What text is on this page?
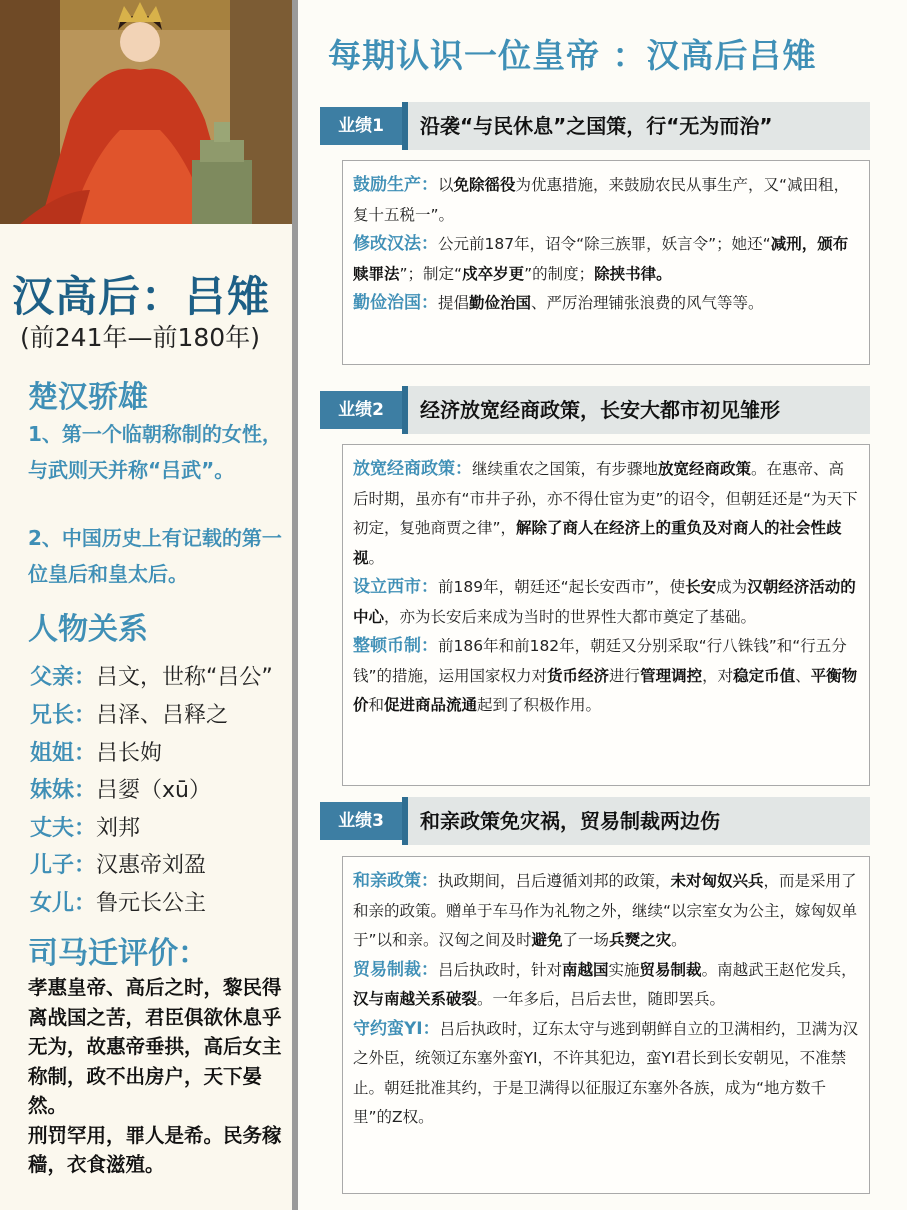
汉高后：吕雉
(前241年—前180年)
楚汉骄雄
1、第一个临朝称制的女性，与武则天并称“吕武”。
2、中国历史上有记载的第一位皇后和皇太后。
人物关系
父亲：吕文，世称“吕公”
兄长：吕泽、吕释之
姐姐：吕长姁
妹妹：吕媭（xū）
丈夫：刘邦
儿子：汉惠帝刘盈
女儿：鲁元长公主
司马迁评价：
孝惠皇帝、高后之时，黎民得离战国之苦，君臣俱欲休息乎无为，故惠帝垂拱，高后女主称制，政不出房户，天下晏然。
刑罚罕用，罪人是希。民务稼穑，衣食滋殖。
每期认识一位皇帝 ：汉高后吕雉
业绩1	沿袭“与民休息”之国策，行“无为而治”

鼓励生产：以免除徭役为优惠措施，来鼓励农民从事生产，又“减田租，复十五税一”。

修改汉法：公元前187年，诏令“除三族罪，妖言令”；她还“减刑，颁布赎罪法”；制定“戍卒岁更”的制度；除挟书律。

勤俭治国：提倡勤俭治国、严厉治理铺张浪费的风气等等。

业绩2	经济放宽经商政策，长安大都市初见雏形

放宽经商政策：继续重农之国策，有步骤地放宽经商政策。在惠帝、高后时期，虽亦有“市井子孙，亦不得仕宦为吏”的诏令，但朝廷还是“为天下初定，复弛商贾之律”，解除了商人在经济上的重负及对商人的社会性歧视。

设立西市：前189年，朝廷还“起长安西市”，使长安成为汉朝经济活动的中心，亦为长安后来成为当时的世界性大都市奠定了基础。

整顿币制：前186年和前182年，朝廷又分别采取“行八铢钱”和“行五分钱”的措施，运用国家权力对货币经济进行管理调控，对稳定币值、平衡物价和促进商品流通起到了积极作用。

业绩3	和亲政策免灾祸，贸易制裁两边伤

和亲政策：执政期间，吕后遵循刘邦的政策，未对匈奴兴兵，而是采用了和亲的政策。赠单于车马作为礼物之外，继续“以宗室女为公主，嫁匈奴单于”以和亲。汉匈之间及时避免了一场兵燹之灾。

贸易制裁：吕后执政时，针对南越国实施贸易制裁。南越武王赵佗发兵，汉与南越关系破裂。一年多后，吕后去世，随即罢兵。

守约蛮YI：吕后执政时，辽东太守与逃到朝鲜自立的卫满相约，卫满为汉之外臣，统领辽东塞外蛮YI，不许其犯边，蛮YI君长到长安朝见，不准禁止。朝廷批准其约，于是卫满得以征服辽东塞外各族，成为“地方数千里”的Z权。
